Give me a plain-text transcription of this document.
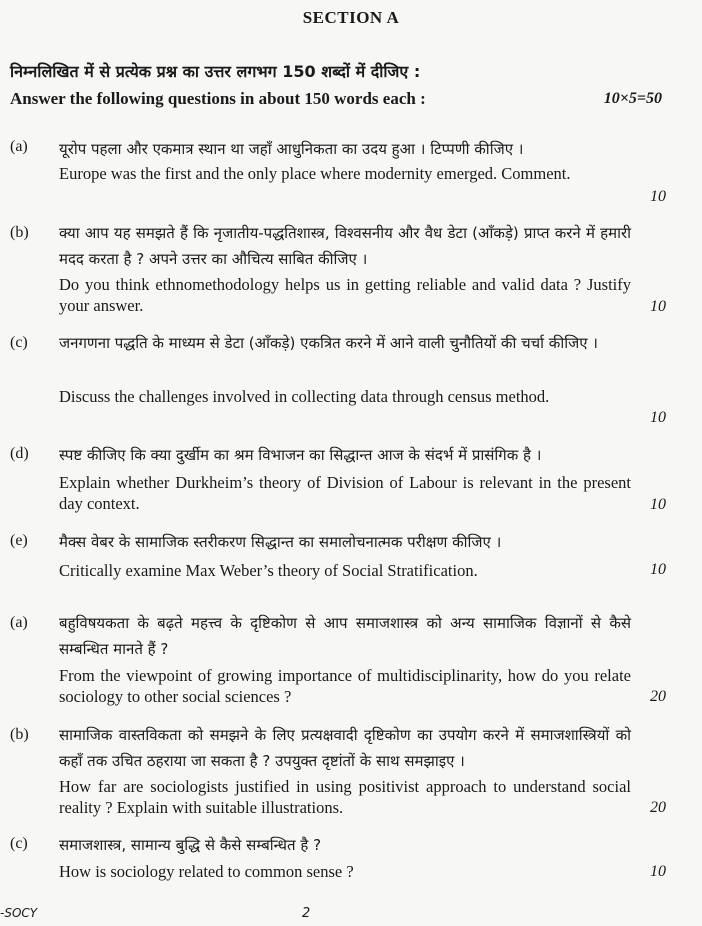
SECTION A
निम्नलिखित में से प्रत्येक प्रश्न का उत्तर लगभग 150 शब्दों में दीजिए :
Answer the following questions in about 150 words each :	10×5=50
(a) यूरोप पहला और एकमात्र स्थान था जहाँ आधुनिकता का उदय हुआ । टिप्पणी कीजिए ।
Europe was the first and the only place where modernity emerged. Comment.
10
(b) क्या आप यह समझते हैं कि नृजातीय-पद्धतिशास्त्र, विश्वसनीय और वैध डेटा (आँकड़े) प्राप्त करने में हमारी मदद करता है ? अपने उत्तर का औचित्य साबित कीजिए ।
Do you think ethnomethodology helps us in getting reliable and valid data ? Justify your answer.	10
(c) जनगणना पद्धति के माध्यम से डेटा (आँकड़े) एकत्रित करने में आने वाली चुनौतियों की चर्चा कीजिए ।
Discuss the challenges involved in collecting data through census method.
10
(d) स्पष्ट कीजिए कि क्या दुर्खीम का श्रम विभाजन का सिद्धान्त आज के संदर्भ में प्रासंगिक है ।
Explain whether Durkheim’s theory of Division of Labour is relevant in the present day context.	10
(e) मैक्स वेबर के सामाजिक स्तरीकरण सिद्धान्त का समालोचनात्मक परीक्षण कीजिए ।
Critically examine Max Weber’s theory of Social Stratification.	10
(a) बहुविषयकता के बढ़ते महत्त्व के दृष्टिकोण से आप समाजशास्त्र को अन्य सामाजिक विज्ञानों से कैसे सम्बन्धित मानते हैं ?
From the viewpoint of growing importance of multidisciplinarity, how do you relate sociology to other social sciences ?	20
(b) सामाजिक वास्तविकता को समझने के लिए प्रत्यक्षवादी दृष्टिकोण का उपयोग करने में समाजशास्त्रियों को कहाँ तक उचित ठहराया जा सकता है ? उपयुक्त दृष्टांतों के साथ समझाइए ।
How far are sociologists justified in using positivist approach to understand social reality ? Explain with suitable illustrations.	20
(c) समाजशास्त्र, सामान्य बुद्धि से कैसे सम्बन्धित है ?
How is sociology related to common sense ?	10
-SOCY	2
